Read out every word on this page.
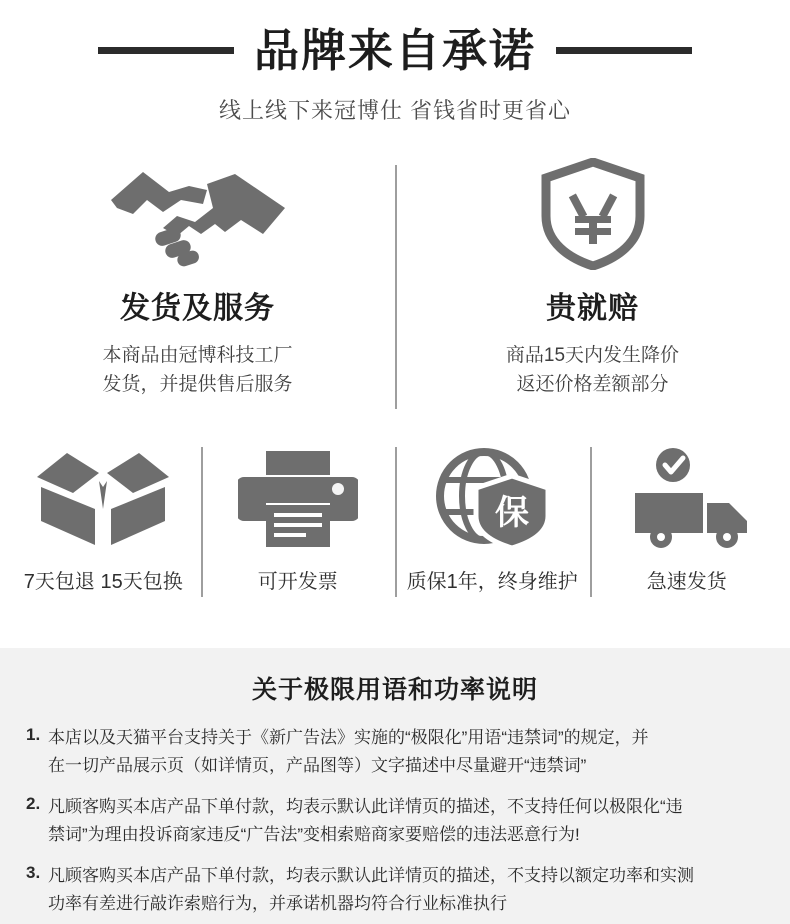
品牌来自承诺
线上线下来冠博仕 省钱省时更省心
发货及服务
本商品由冠博科技工厂
发货，并提供售后服务
贵就赔
商品15天内发生降价
返还价格差额部分
7天包退 15天包换	可开发票
保
质保1年，终身维护	急速发货
关于极限用语和功率说明
1. 本店以及天猫平台支持关于《新广告法》实施的“极限化”用语“违禁词”的规定，并
在一切产品展示页（如详情页，产品图等）文字描述中尽量避开“违禁词”
2. 凡顾客购买本店产品下单付款，均表示默认此详情页的描述，不支持任何以极限化“违
禁词”为理由投诉商家违反“广告法”变相索赔商家要赔偿的违法恶意行为!
3. 凡顾客购买本店产品下单付款，均表示默认此详情页的描述，不支持以额定功率和实测
功率有差进行敲诈索赔行为，并承诺机器均符合行业标准执行
